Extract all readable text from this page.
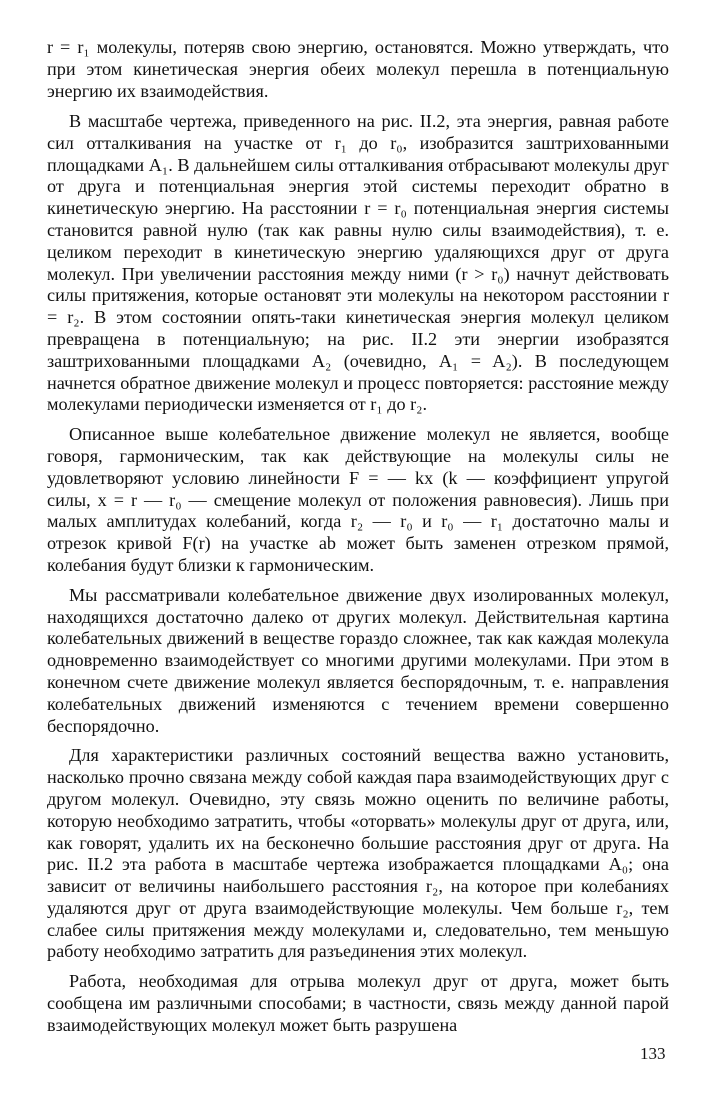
r = r₁ молекулы, потеряв свою энергию, остановятся. Можно утверждать, что при этом кинетическая энергия обеих молекул перешла в потенциальную энергию их взаимодействия.

В масштабе чертежа, приведенного на рис. II.2, эта энергия, равная работе сил отталкивания на участке от r₁ до r₀, изобразится заштрихованными площадками A₁. В дальнейшем силы отталкивания отбрасывают молекулы друг от друга и потенциальная энергия этой системы переходит обратно в кинетическую энергию. На расстоянии r = r₀ потенциальная энергия системы становится равной нулю (так как равны нулю силы взаимодействия), т. е. целиком переходит в кинетическую энергию удаляющихся друг от друга молекул. При увеличении расстояния между ними (r > r₀) начнут действовать силы притяжения, которые остановят эти молекулы на некотором расстоянии r = r₂. В этом состоянии опять-таки кинетическая энергия молекул целиком превращена в потенциальную; на рис. II.2 эти энергии изобразятся заштрихованными площадками A₂ (очевидно, A₁ = A₂). В последующем начнется обратное движение молекул и процесс повторяется: расстояние между молекулами периодически изменяется от r₁ до r₂.

Описанное выше колебательное движение молекул не является, вообще говоря, гармоническим, так как действующие на молекулы силы не удовлетворяют условию линейности F = — kx (k — коэффициент упругой силы, x = r — r₀ — смещение молекул от положения равновесия). Лишь при малых амплитудах колебаний, когда r₂ — r₀ и r₀ — r₁ достаточно малы и отрезок кривой F(r) на участке ab может быть заменен отрезком прямой, колебания будут близки к гармоническим.

Мы рассматривали колебательное движение двух изолированных молекул, находящихся достаточно далеко от других молекул. Действительная картина колебательных движений в веществе гораздо сложнее, так как каждая молекула одновременно взаимодействует со многими другими молекулами. При этом в конечном счете движение молекул является беспорядочным, т. е. направления колебательных движений изменяются с течением времени совершенно беспорядочно.

Для характеристики различных состояний вещества важно установить, насколько прочно связана между собой каждая пара взаимодействующих друг с другом молекул. Очевидно, эту связь можно оценить по величине работы, которую необходимо затратить, чтобы «оторвать» молекулы друг от друга, или, как говорят, удалить их на бесконечно большие расстояния друг от друга. На рис. II.2 эта работа в масштабе чертежа изображается площадками A₀; она зависит от величины наибольшего расстояния r₂, на которое при колебаниях удаляются друг от друга взаимодействующие молекулы. Чем больше r₂, тем слабее силы притяжения между молекулами и, следовательно, тем меньшую работу необходимо затратить для разъединения этих молекул.

Работа, необходимая для отрыва молекул друг от друга, может быть сообщена им различными способами; в частности, связь между данной парой взаимодействующих молекул может быть разрушена

133
